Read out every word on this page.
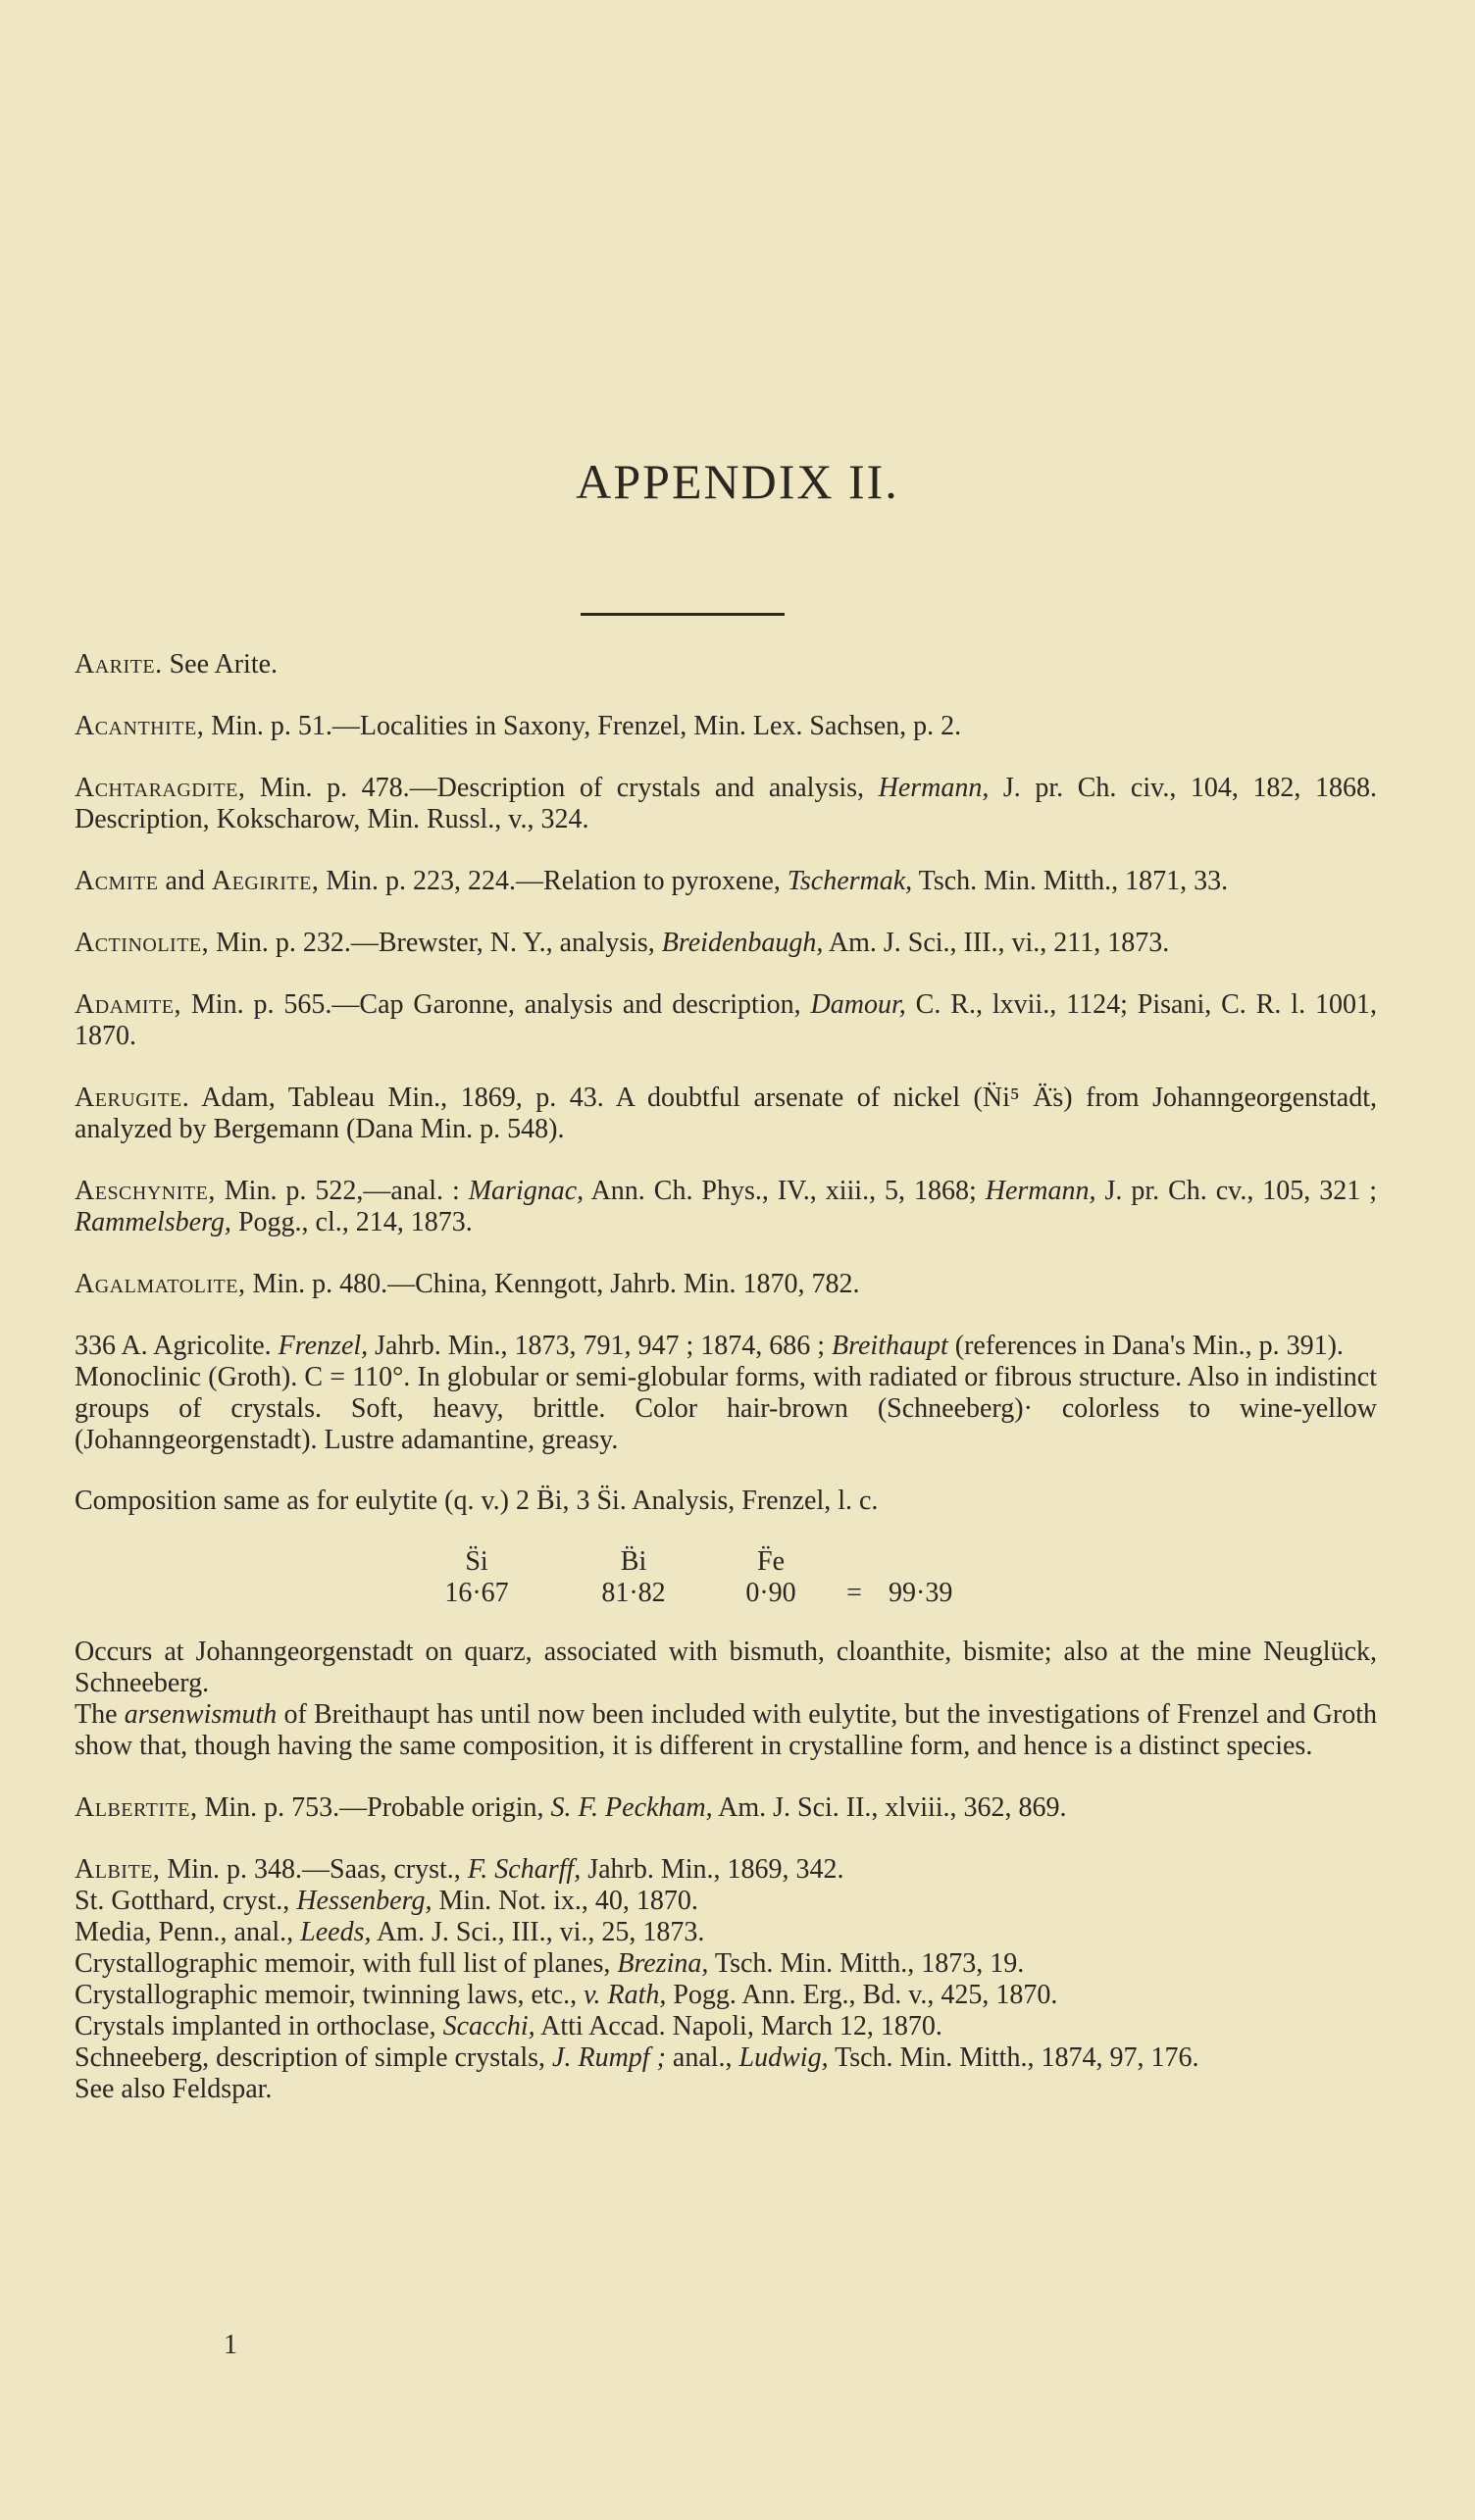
APPENDIX II.

Aarite. See Arite.

Acanthite, Min. p. 51.—Localities in Saxony, Frenzel, Min. Lex. Sachsen, p. 2.

Achtaragdite, Min. p. 478.—Description of crystals and analysis, Hermann, J. pr. Ch. civ., 104, 182, 1868. Description, Kokscharow, Min. Russl., v., 324.

Acmite and Aegirite, Min. p. 223, 224.—Relation to pyroxene, Tschermak, Tsch. Min. Mitth., 1871, 33.

Actinolite, Min. p. 232.—Brewster, N. Y., analysis, Breidenbaugh, Am. J. Sci., III., vi., 211, 1873.

Adamite, Min. p. 565.—Cap Garonne, analysis and description, Damour, C. R., lxvii., 1124; Pisani, C. R. l. 1001, 1870.

Aerugite. Adam, Tableau Min., 1869, p. 43. A doubtful arsenate of nickel (N̈i⁵ Ä̈s) from Johanngeorgenstadt, analyzed by Bergemann (Dana Min. p. 548).

Aeschynite, Min. p. 522,—anal. : Marignac, Ann. Ch. Phys., IV., xiii., 5, 1868; Hermann, J. pr. Ch. cv., 105, 321 ; Rammelsberg, Pogg., cl., 214, 1873.

Agalmatolite, Min. p. 480.—China, Kenngott, Jahrb. Min. 1870, 782.

336 A. Agricolite. Frenzel, Jahrb. Min., 1873, 791, 947 ; 1874, 686 ; Breithaupt (references in Dana's Min., p. 391).

Monoclinic (Groth). C = 110°. In globular or semi-globular forms, with radiated or fibrous structure. Also in indistinct groups of crystals. Soft, heavy, brittle. Color hair-brown (Schneeberg)· colorless to wine-yellow (Johanngeorgenstadt). Lustre adamantine, greasy.

Composition same as for eulytite (q. v.) 2 B̈i, 3 S̈i. Analysis, Frenzel, l. c.

S̈i
16·67
B̈i
81·82
F̈e
0·90	= 99·39

Occurs at Johanngeorgenstadt on quarz, associated with bismuth, cloanthite, bismite; also at the mine Neuglück, Schneeberg.

The arsenwismuth of Breithaupt has until now been included with eulytite, but the investigations of Frenzel and Groth show that, though having the same composition, it is different in crystalline form, and hence is a distinct species.

Albertite, Min. p. 753.—Probable origin, S. F. Peckham, Am. J. Sci. II., xlviii., 362, 869.

Albite, Min. p. 348.—Saas, cryst., F. Scharff, Jahrb. Min., 1869, 342.

St. Gotthard, cryst., Hessenberg, Min. Not. ix., 40, 1870.

Media, Penn., anal., Leeds, Am. J. Sci., III., vi., 25, 1873.

Crystallographic memoir, with full list of planes, Brezina, Tsch. Min. Mitth., 1873, 19.

Crystallographic memoir, twinning laws, etc., v. Rath, Pogg. Ann. Erg., Bd. v., 425, 1870.

Crystals implanted in orthoclase, Scacchi, Atti Accad. Napoli, March 12, 1870.

Schneeberg, description of simple crystals, J. Rumpf ; anal., Ludwig, Tsch. Min. Mitth., 1874, 97, 176.

See also Feldspar.

1
